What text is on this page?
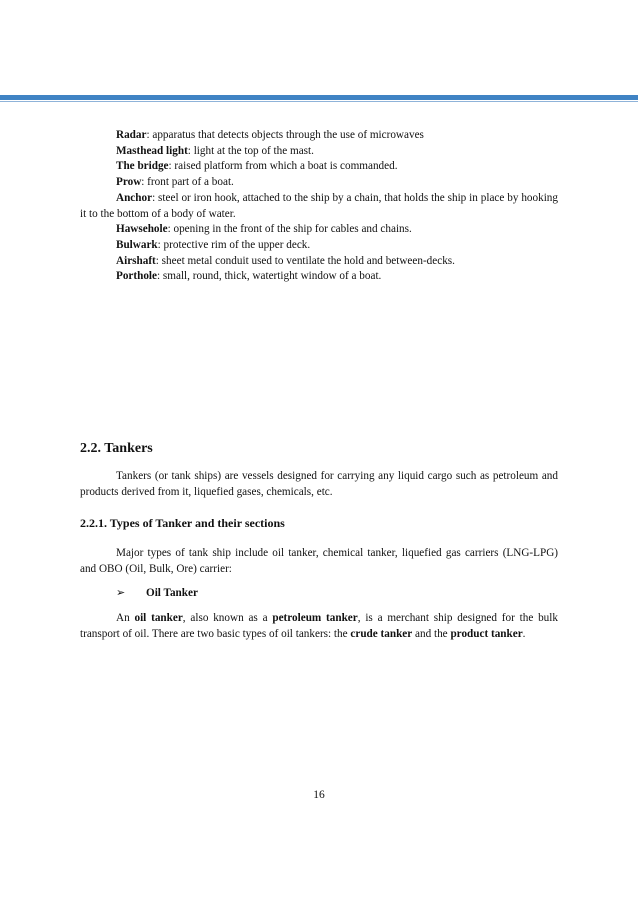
Radar: apparatus that detects objects through the use of microwaves

Masthead light: light at the top of the mast.

The bridge: raised platform from which a boat is commanded.

Prow: front part of a boat.

Anchor: steel or iron hook, attached to the ship by a chain, that holds the ship in place by hooking it to the bottom of a body of water.

Hawsehole: opening in the front of the ship for cables and chains.

Bulwark: protective rim of the upper deck.

Airshaft: sheet metal conduit used to ventilate the hold and between-decks.

Porthole: small, round, thick, watertight window of a boat.

2.2. Tankers

Tankers (or tank ships) are vessels designed for carrying any liquid cargo such as petroleum and products derived from it, liquefied gases, chemicals, etc.

2.2.1. Types of Tanker and their sections

Major types of tank ship include oil tanker, chemical tanker, liquefied gas carriers (LNG-LPG) and OBO (Oil, Bulk, Ore) carrier:

➢ Oil Tanker

An oil tanker, also known as a petroleum tanker, is a merchant ship designed for the bulk transport of oil. There are two basic types of oil tankers: the crude tanker and the product tanker.

16
